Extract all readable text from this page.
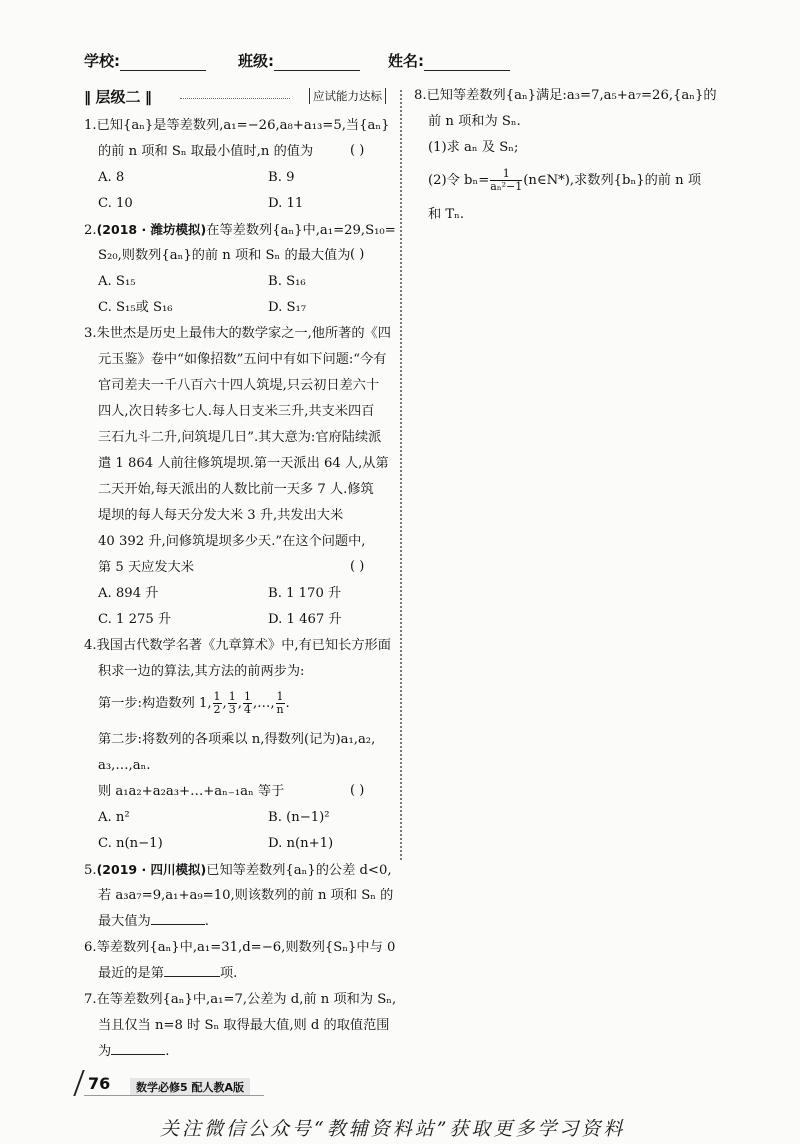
学校:	班级:	姓名:
‖ 层级二 ‖	应试能力达标
1.已知{aₙ}是等差数列,a₁=−26,a₈+a₁₃=5,当{aₙ}
的前 n 项和 Sₙ 取最小值时,n 的值为	( )
A. 8	B. 9
C. 10	D. 11
2.(2018 · 潍坊模拟)在等差数列{aₙ}中,a₁=29,S₁₀=
S₂₀,则数列{aₙ}的前 n 项和 Sₙ 的最大值为 ( )
A. S₁₅	B. S₁₆
C. S₁₅或 S₁₆	D. S₁₇
3.朱世杰是历史上最伟大的数学家之一,他所著的《四
元玉鉴》卷中“如像招数”五问中有如下问题:“今有
官司差夫一千八百六十四人筑堤,只云初日差六十
四人,次日转多七人.每人日支米三升,共支米四百
三石九斗二升,问筑堤几日”.其大意为:官府陆续派
遣 1 864 人前往修筑堤坝.第一天派出 64 人,从第
二天开始,每天派出的人数比前一天多 7 人.修筑
堤坝的每人每天分发大米 3 升,共发出大米
40 392 升,问修筑堤坝多少天.”在这个问题中,
第 5 天应发大米	( )
A. 894 升	B. 1 170 升
C. 1 275 升	D. 1 467 升
4.我国古代数学名著《九章算术》中,有已知长方形面
积求一边的算法,其方法的前两步为:
第一步:构造数列 1, $\frac{1}{2}$ , $\frac{1}{3}$ , $\frac{1}{4}$ ,…, $\frac{1}{n}$ .
第二步:将数列的各项乘以 n,得数列(记为)a₁,a₂,
a₃,…,aₙ.
则 a₁a₂+a₂a₃+…+aₙ₋₁aₙ 等于	( )
A. n²	B. (n−1)²
C. n(n−1)	D. n(n+1)
5.(2019 · 四川模拟)已知等差数列{aₙ}的公差 d<0,
若 a₃a₇=9,a₁+a₉=10,则该数列的前 n 项和 Sₙ 的
最大值为	.
6.等差数列{aₙ}中,a₁=31,d=−6,则数列{Sₙ}中与 0
最近的是第	项.
7.在等差数列{aₙ}中,a₁=7,公差为 d,前 n 项和为 Sₙ,
当且仅当 n=8 时 Sₙ 取得最大值,则 d 的取值范围
为	.
8.已知等差数列{aₙ}满足:a₃=7,a₅+a₇=26,{aₙ}的
前 n 项和为 Sₙ.
(1)求 aₙ 及 Sₙ;
(2)令 $b_n= \frac{1}{\text{aₙ²−1}}$ (n∈N*),求数列{bₙ}的前 n 项
和 Tₙ.
76	数学必修5 配人教A版
关注微信公众号“教辅资料站”获取更多学习资料
